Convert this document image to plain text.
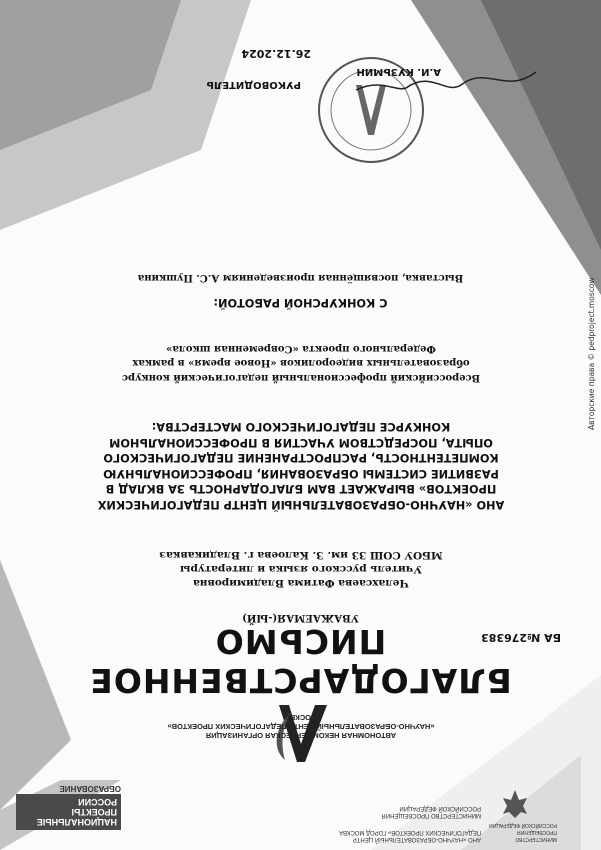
АНО «НАУЧНО-ОБРАЗОВАТЕЛЬНЫЙ ЦЕНТР
ПЕДАГОГИЧЕСКИХ ПРОЕКТОВ» ГОРОД МОСКВА
МИНИСТЕРСТВО ПРОСВЕЩЕНИЯ
РОССИЙСКОЙ ФЕДЕРАЦИИ
МИНИСТЕРСТВО ПРОСВЕЩЕНИЯ
РОССИЙСКОЙ ФЕДЕРАЦИИ
НАЦИОНАЛЬНЫЕ
ПРОЕКТЫ
РОССИИ
ОБРАЗОВАНИЕ
АВТОНОМНАЯ НЕКОММЕРЧЕСКАЯ ОРГАНИЗАЦИЯ
«НАУЧНО-ОБРАЗОВАТЕЛЬНЫЙ ЦЕНТР ПЕДАГОГИЧЕСКИХ ПРОЕКТОВ»
МОСКВА
БЛАГОДАРСТВЕННОЕ ПИСЬМО	БА №276383
УВАЖАЕМАЯ(-ЫЙ)
Челахсаева Фатима Владимировна
Учитель русского языка и литературы
МБОУ СОШ 33 им. З. Калоева г. Владикавказ
АНО «НАУЧНО-ОБРАЗОВАТЕЛЬНЫЙ ЦЕНТР ПЕДАГОГИЧЕСКИХ
ПРОЕКТОВ» ВЫРАЖАЕТ ВАМ БЛАГОДАРНОСТЬ ЗА ВКЛАД В
РАЗВИТИЕ СИСТЕМЫ ОБРАЗОВАНИЯ, ПРОФЕССИОНАЛЬНУЮ
КОМПЕТЕНТНОСТЬ, РАСПРОСТРАНЕНИЕ ПЕДАГОГИЧЕСКОГО
ОПЫТА, ПОСРЕДСТВОМ УЧАСТИЯ В ПРОФЕССИОНАЛЬНОМ
КОНКУРСЕ ПЕДАГОГИЧЕСКОГО МАСТЕРСТВА:
Всероссийский профессиональный педагогический конкурс
образовательных видеороликов «Новое время» в рамках
Федерального проекта «Современная школа»
С КОНКУРСНОЙ РАБОТОЙ:
Выставка, посвящённая произведениям А.С. Пушкина
РУКОВОДИТЕЛЬ
А.И. КУЗЬМИН
26.12.2024
Авторские права © pedproject.moscow
